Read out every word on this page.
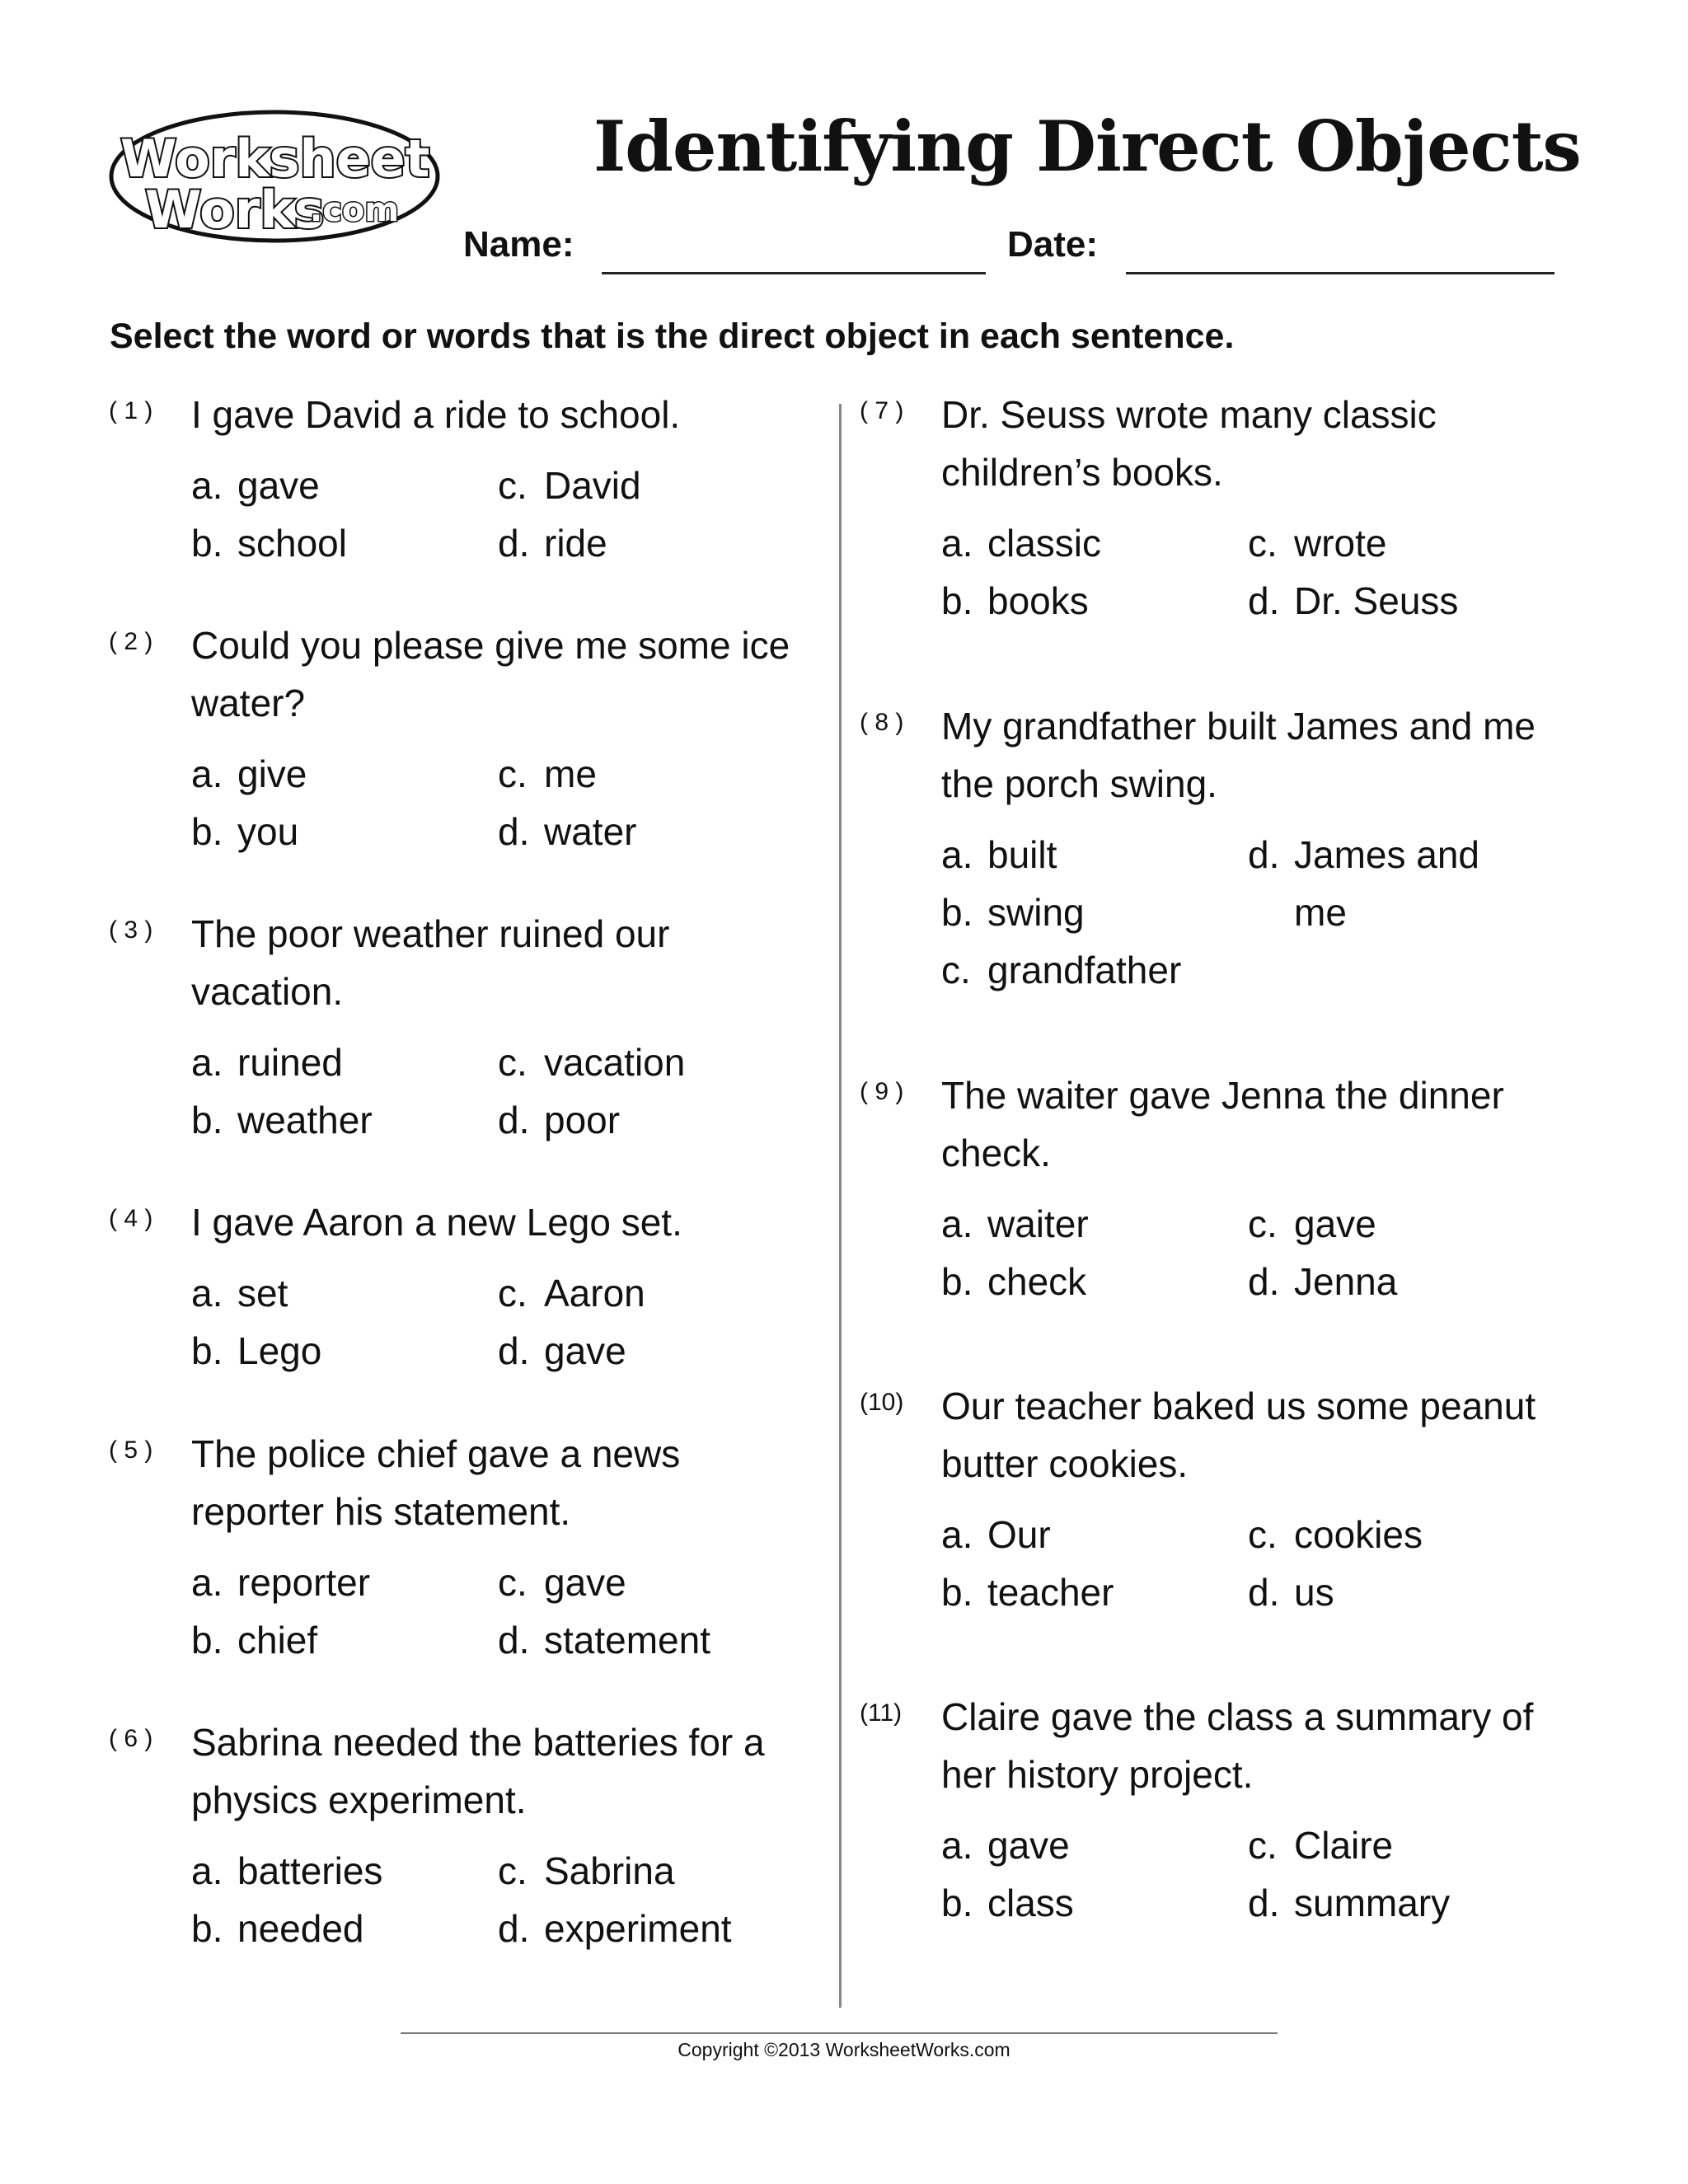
Worksheet
Works
.com
Identifying Direct Objects
Name:	Date:
Select the word or words that is the direct object in each sentence.
( 1 ) I gave David a ride to school.
a. gave	c. David
b. school	d. ride
( 2 ) Could you please give me some ice
water?
a. give	c. me
b. you	d. water
( 3 ) The poor weather ruined our
vacation.
a. ruined	c. vacation
b. weather	d. poor
( 4 ) I gave Aaron a new Lego set.
a. set	c. Aaron
b. Lego	d. gave
( 5 ) The police chief gave a news
reporter his statement.
a. reporter	c. gave
b. chief	d. statement
( 6 ) Sabrina needed the batteries for a
physics experiment.
a. batteries	c. Sabrina
b. needed	d. experiment
( 7 ) Dr. Seuss wrote many classic
children’s books.
a. classic	c. wrote
b. books	d. Dr. Seuss
( 8 ) My grandfather built James and me
the porch swing.
a. built	d. James and
b. swing	me
c. grandfather
( 9 ) The waiter gave Jenna the dinner
check.
a. waiter	c. gave
b. check	d. Jenna
(10) Our teacher baked us some peanut
butter cookies.
a. Our	c. cookies
b. teacher	d. us
(11) Claire gave the class a summary of
her history project.
a. gave	c. Claire
b. class	d. summary
Copyright ©2013 WorksheetWorks.com
